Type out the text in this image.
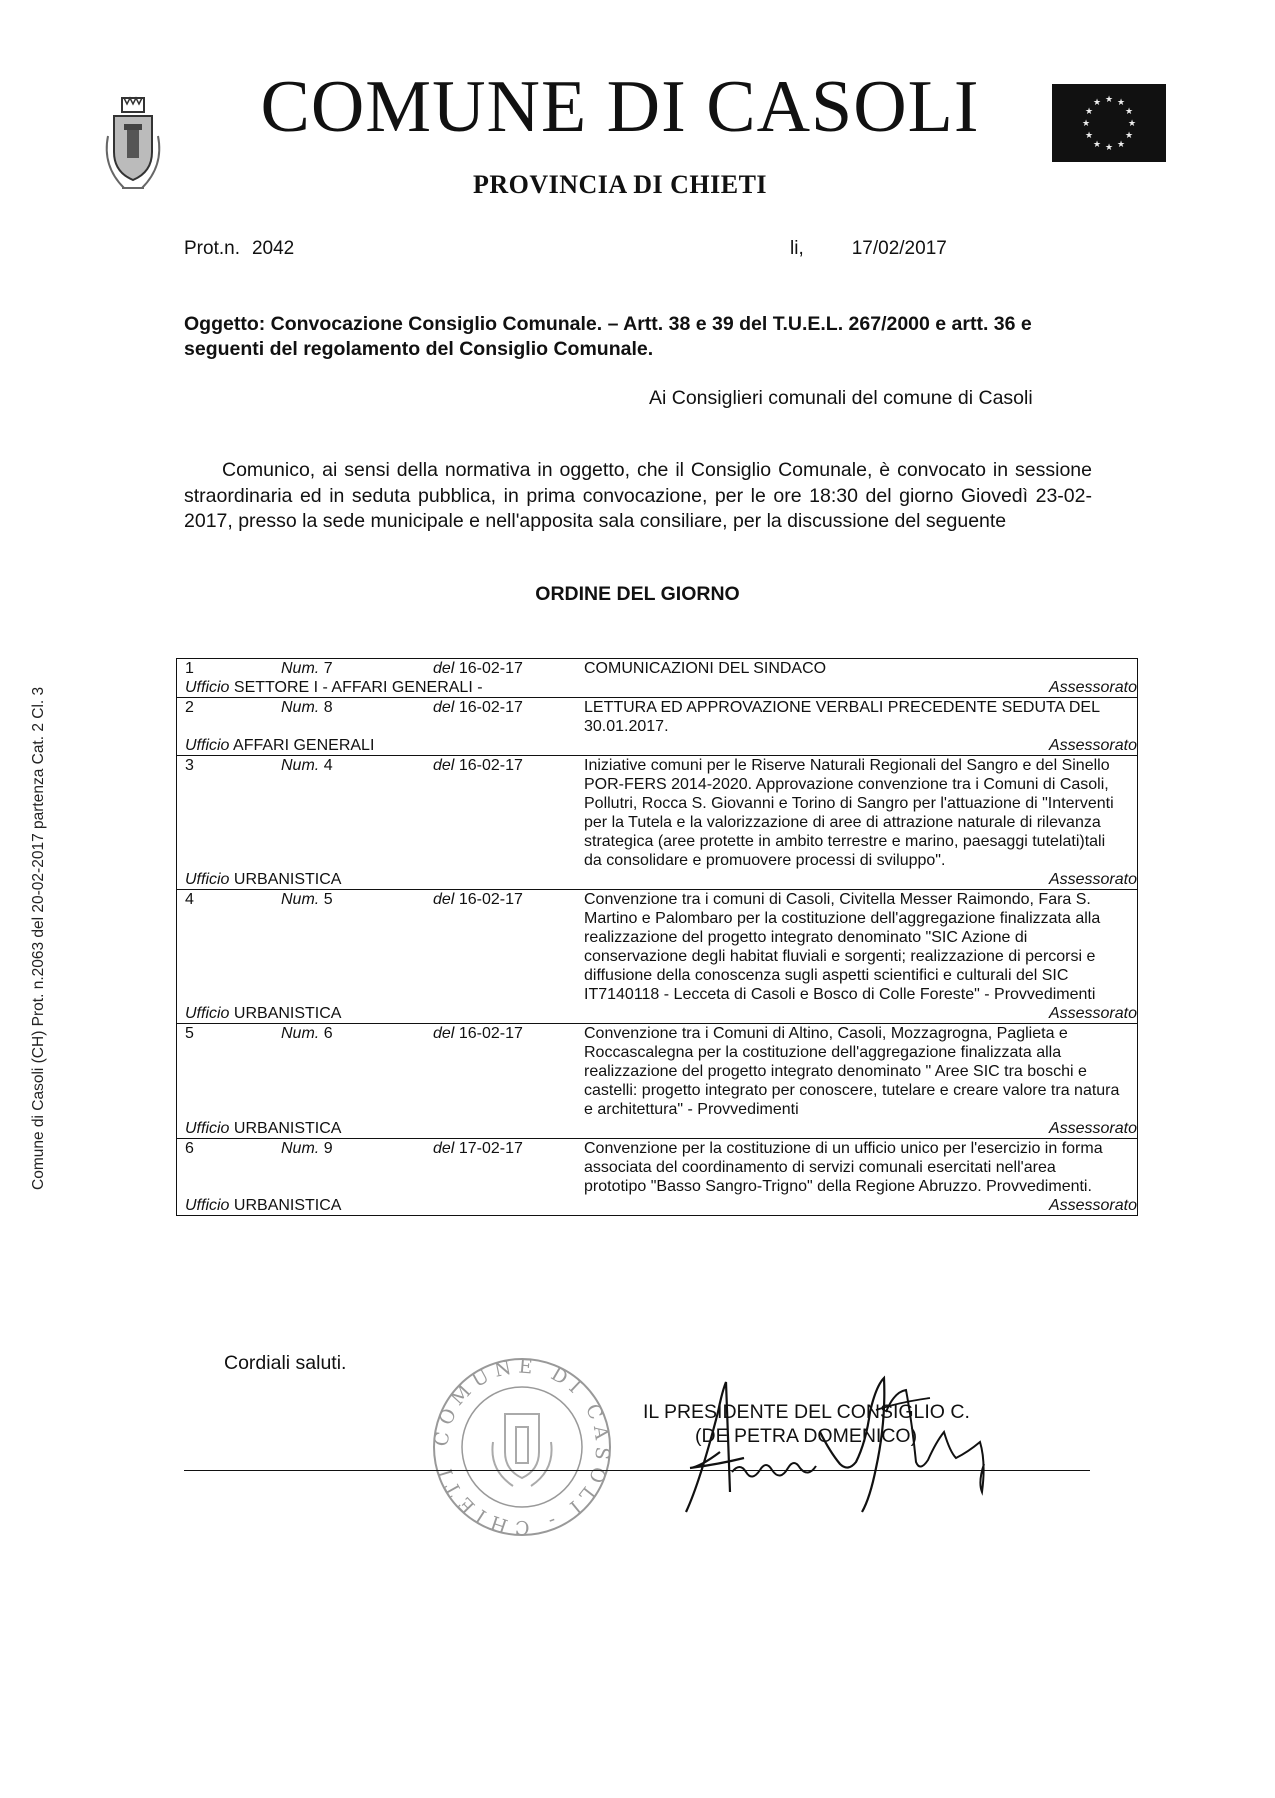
COMUNE DI CASOLI
PROVINCIA DI CHIETI
★ ★
★
★
★
★
★
★
★
★
★
★
Prot.n. 2042	li,	17/02/2017
Oggetto: Convocazione Consiglio Comunale. – Artt. 38 e 39 del T.U.E.L. 267/2000 e artt. 36 e seguenti del regolamento del Consiglio Comunale.
Ai Consiglieri comunali del comune di Casoli
Comunico, ai sensi della normativa in oggetto, che il Consiglio Comunale, è convocato in sessione straordinaria ed in seduta pubblica, in prima convocazione, per le ore 18:30 del giorno Giovedì 23-02-2017, presso la sede municipale e nell'apposita sala consiliare, per la discussione del seguente
ORDINE DEL GIORNO
1	Num. 7	del 16-02-17	COMUNICAZIONI DEL SINDACO

Ufficio SETTORE I - AFFARI GENERALI -			Assessorato
2	Num. 8	del 16-02-17	LETTURA ED APPROVAZIONE VERBALI PRECEDENTE SEDUTA DEL 30.01.2017.

Ufficio AFFARI GENERALI			Assessorato
3	Num. 4	del 16-02-17	Iniziative comuni per le Riserve Naturali Regionali del Sangro e del Sinello POR-FERS 2014-2020. Approvazione convenzione tra i Comuni di Casoli, Pollutri, Rocca S. Giovanni e Torino di Sangro per l'attuazione di "Interventi per la Tutela e la valorizzazione di aree di attrazione naturale di rilevanza strategica (aree protette in ambito terrestre e marino, paesaggi tutelati)tali da consolidare e promuovere processi di sviluppo".

Ufficio URBANISTICA			Assessorato
4	Num. 5	del 16-02-17	Convenzione tra i comuni di Casoli, Civitella Messer Raimondo, Fara S. Martino e Palombaro per la costituzione dell'aggregazione finalizzata alla realizzazione del progetto integrato denominato "SIC Azione di conservazione degli habitat fluviali e sorgenti; realizzazione di percorsi e diffusione della conoscenza sugli aspetti scientifici e culturali del SIC IT7140118 - Lecceta di Casoli e Bosco di Colle Foreste" - Provvedimenti

Ufficio URBANISTICA			Assessorato
5	Num. 6	del 16-02-17	Convenzione tra i Comuni di Altino, Casoli, Mozzagrogna, Paglieta e Roccascalegna per la costituzione dell'aggregazione finalizzata alla realizzazione del progetto integrato denominato " Aree SIC tra boschi e castelli: progetto integrato per conoscere, tutelare e creare valore tra natura e architettura" - Provvedimenti

Ufficio URBANISTICA			Assessorato
6	Num. 9	del 17-02-17	Convenzione per la costituzione di un ufficio unico per l'esercizio in forma associata del coordinamento di servizi comunali esercitati nell'area prototipo "Basso Sangro-Trigno" della Regione Abruzzo. Provvedimenti.

Ufficio URBANISTICA			Assessorato
Cordiali saluti.
COMUNE DI CASOLI - CHIETI
IL PRESIDENTE DEL CONSIGLIO C.
(DE PETRA DOMENICO)
Comune di Casoli (CH) Prot. n.2063 del 20-02-2017 partenza Cat. 2 Cl. 3
